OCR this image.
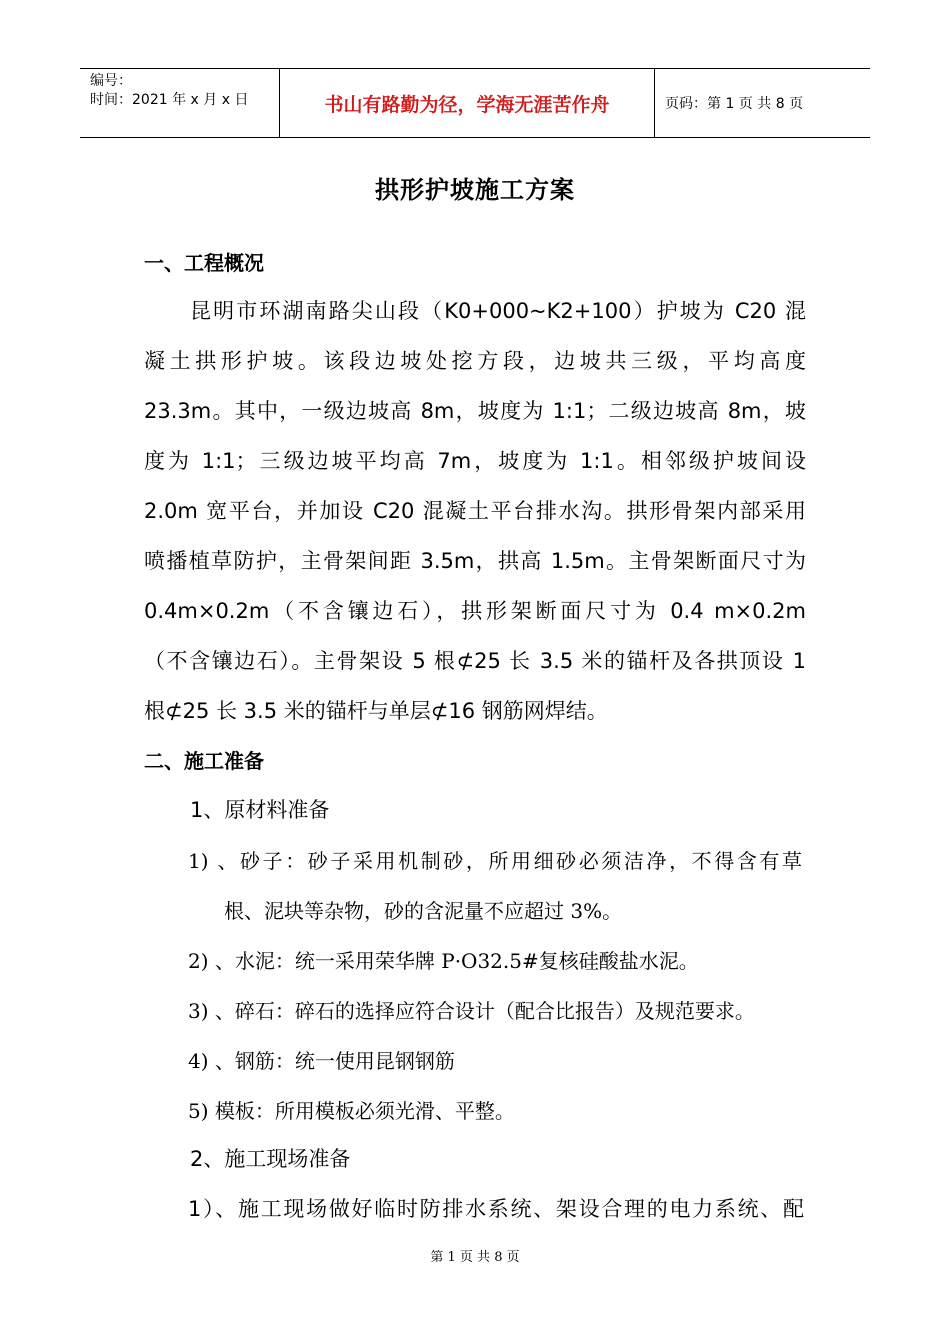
编号：
时间：2021 年 x 月 x 日	书山有路勤为径，学海无涯苦作舟	页码：第 1 页 共 8 页
拱形护坡施工方案
一、工程概况
昆明市环湖南路尖山段（K0+000~K2+100）护坡为 C20 混
凝土拱形护坡。该段边坡处挖方段，边坡共三级，平均高度
23.3m。其中，一级边坡高 8m，坡度为 1:1；二级边坡高 8m，坡
度为 1:1；三级边坡平均高 7m，坡度为 1:1。相邻级护坡间设
2.0m 宽平台，并加设 C20 混凝土平台排水沟。拱形骨架内部采用
喷播植草防护，主骨架间距 3.5m，拱高 1.5m。主骨架断面尺寸为
0.4m×0.2m（不含镶边石），拱形架断面尺寸为 0.4 m×0.2m
（不含镶边石）。主骨架设 5 根⊄25 长 3.5 米的锚杆及各拱顶设 1
根⊄25 长 3.5 米的锚杆与单层⊄16 钢筋网焊结。
二、施工准备
1、原材料准备
1) 、砂子：砂子采用机制砂，所用细砂必须洁净，不得含有草
根、泥块等杂物，砂的含泥量不应超过 3%。
2) 、水泥：统一采用荣华牌 P·O32.5#复核硅酸盐水泥。
3) 、碎石：碎石的选择应符合设计（配合比报告）及规范要求。
4) 、钢筋：统一使用昆钢钢筋
5) 模板：所用模板必须光滑、平整。
2、施工现场准备
1）、施工现场做好临时防排水系统、架设合理的电力系统、配
第 1 页 共 8 页
